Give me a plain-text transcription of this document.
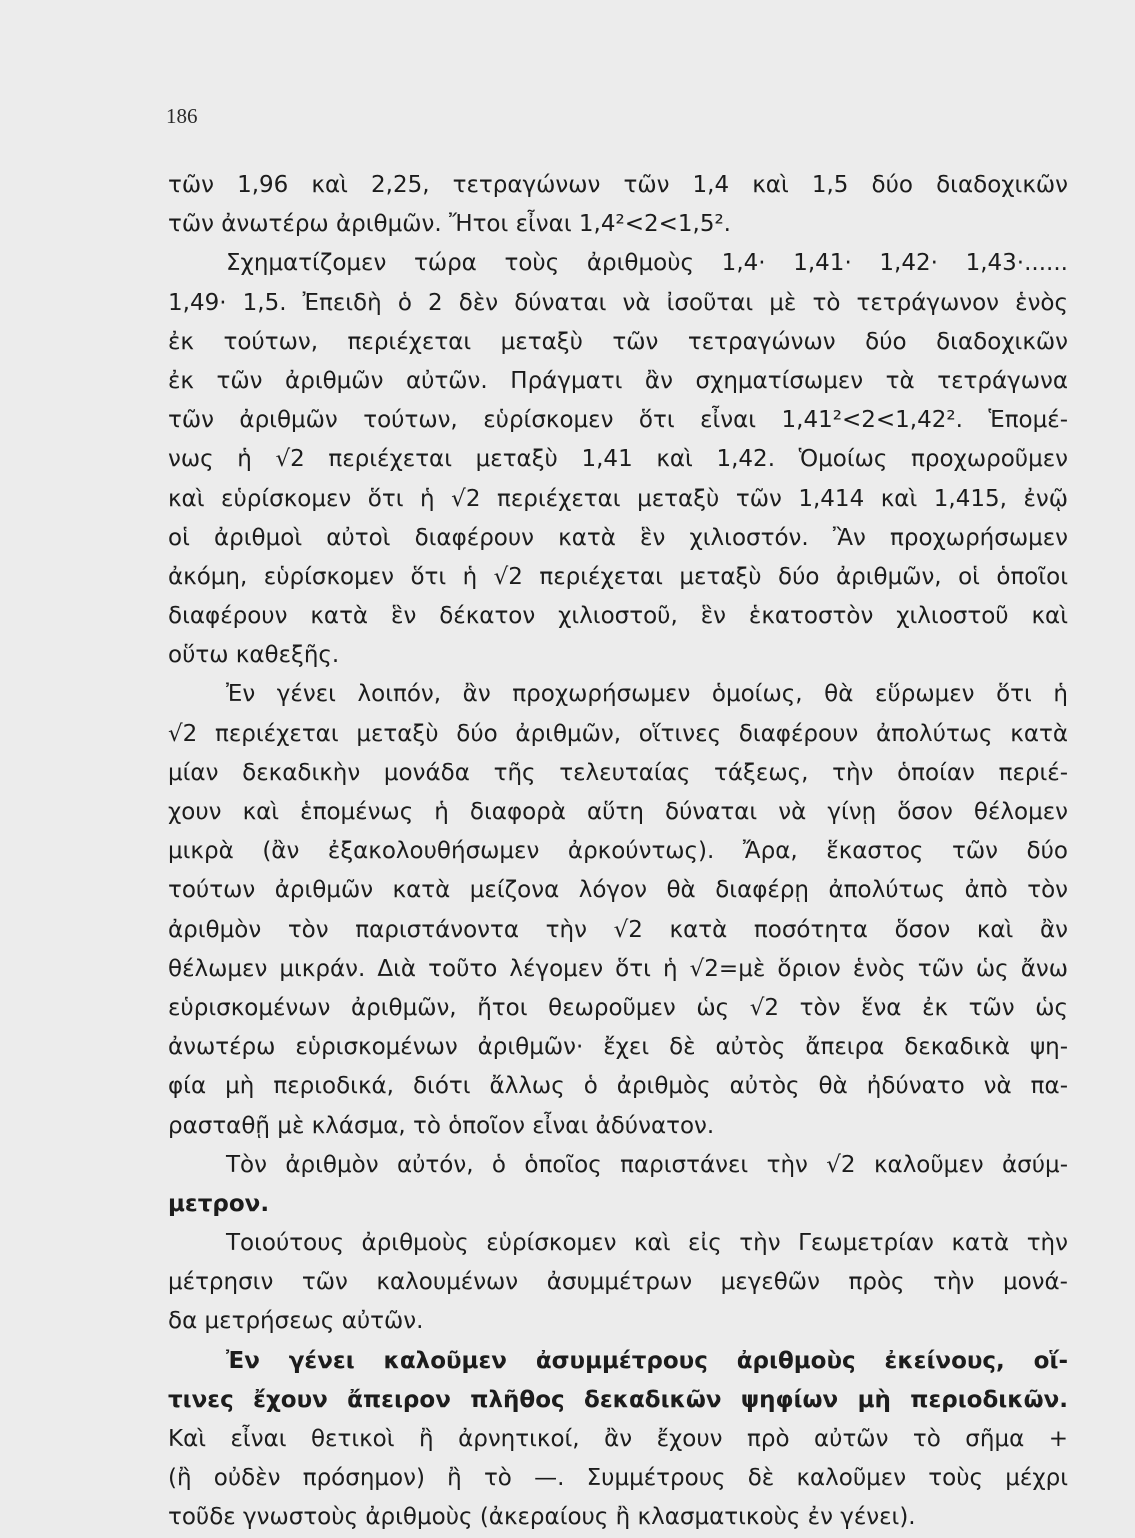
186
τῶν 1,96 καὶ 2,25, τετραγώνων τῶν 1,4 καὶ 1,5 δύο διαδοχικῶν
τῶν ἀνωτέρω ἀριθμῶν. Ἤτοι εἶναι 1,4²<2<1,5².
Σχηματίζομεν τώρα τοὺς ἀριθμοὺς 1,4· 1,41· 1,42· 1,43·......
1,49· 1,5. Ἐπειδὴ ὁ 2 δὲν δύναται νὰ ἰσοῦται μὲ τὸ τετράγωνον ἑνὸς
ἐκ τούτων, περιέχεται μεταξὺ τῶν τετραγώνων δύο διαδοχικῶν
ἐκ τῶν ἀριθμῶν αὐτῶν. Πράγματι ἂν σχηματίσωμεν τὰ τετράγωνα
τῶν ἀριθμῶν τούτων, εὑρίσκομεν ὅτι εἶναι 1,41²<2<1,42². Ἑπομέ-
νως ἡ √2 περιέχεται μεταξὺ 1,41 καὶ 1,42. Ὁμοίως προχωροῦμεν
καὶ εὑρίσκομεν ὅτι ἡ √2 περιέχεται μεταξὺ τῶν 1,414 καὶ 1,415, ἐνῷ
οἱ ἀριθμοὶ αὐτοὶ διαφέρουν κατὰ ἓν χιλιοστόν. Ἂν προχωρήσωμεν
ἀκόμη, εὑρίσκομεν ὅτι ἡ √2 περιέχεται μεταξὺ δύο ἀριθμῶν, οἱ ὁποῖοι
διαφέρουν κατὰ ἓν δέκατον χιλιοστοῦ, ἓν ἑκατοστὸν χιλιοστοῦ καὶ
οὕτω καθεξῆς.
Ἐν γένει λοιπόν, ἂν προχωρήσωμεν ὁμοίως, θὰ εὕρωμεν ὅτι ἡ
√2 περιέχεται μεταξὺ δύο ἀριθμῶν, οἵτινες διαφέρουν ἀπολύτως κατὰ
μίαν δεκαδικὴν μονάδα τῆς τελευταίας τάξεως, τὴν ὁποίαν περιέ-
χουν καὶ ἑπομένως ἡ διαφορὰ αὕτη δύναται νὰ γίνῃ ὅσον θέλομεν
μικρὰ (ἂν ἐξακολουθήσωμεν ἀρκούντως). Ἄρα, ἕκαστος τῶν δύο
τούτων ἀριθμῶν κατὰ μείζονα λόγον θὰ διαφέρῃ ἀπολύτως ἀπὸ τὸν
ἀριθμὸν τὸν παριστάνοντα τὴν √2 κατὰ ποσότητα ὅσον καὶ ἂν
θέλωμεν μικράν. Διὰ τοῦτο λέγομεν ὅτι ἡ √2=μὲ ὅριον ἑνὸς τῶν ὡς ἄνω
εὑρισκομένων ἀριθμῶν, ἤτοι θεωροῦμεν ὡς √2 τὸν ἕνα ἐκ τῶν ὡς
ἀνωτέρω εὑρισκομένων ἀριθμῶν· ἔχει δὲ αὐτὸς ἄπειρα δεκαδικὰ ψη-
φία μὴ περιοδικά, διότι ἄλλως ὁ ἀριθμὸς αὐτὸς θὰ ἠδύνατο νὰ πα-
ρασταθῇ μὲ κλάσμα, τὸ ὁποῖον εἶναι ἀδύνατον.
Τὸν ἀριθμὸν αὐτόν, ὁ ὁποῖος παριστάνει τὴν √2 καλοῦμεν ἀσύμ-
μετρον.
Τοιούτους ἀριθμοὺς εὑρίσκομεν καὶ εἰς τὴν Γεωμετρίαν κατὰ τὴν
μέτρησιν τῶν καλουμένων ἀσυμμέτρων μεγεθῶν πρὸς τὴν μονά-
δα μετρήσεως αὐτῶν.
Ἐν γένει καλοῦμεν ἀσυμμέτρους ἀριθμοὺς ἐκείνους, οἵ-
τινες ἔχουν ἄπειρον πλῆθος δεκαδικῶν ψηφίων μὴ περιοδικῶν.
Καὶ εἶναι θετικοὶ ἢ ἀρνητικοί, ἂν ἔχουν πρὸ αὐτῶν τὸ σῆμα +
(ἢ οὐδὲν πρόσημον) ἢ τὸ —. Συμμέτρους δὲ καλοῦμεν τοὺς μέχρι
τοῦδε γνωστοὺς ἀριθμοὺς (ἀκεραίους ἢ κλασματικοὺς ἐν γένει).
